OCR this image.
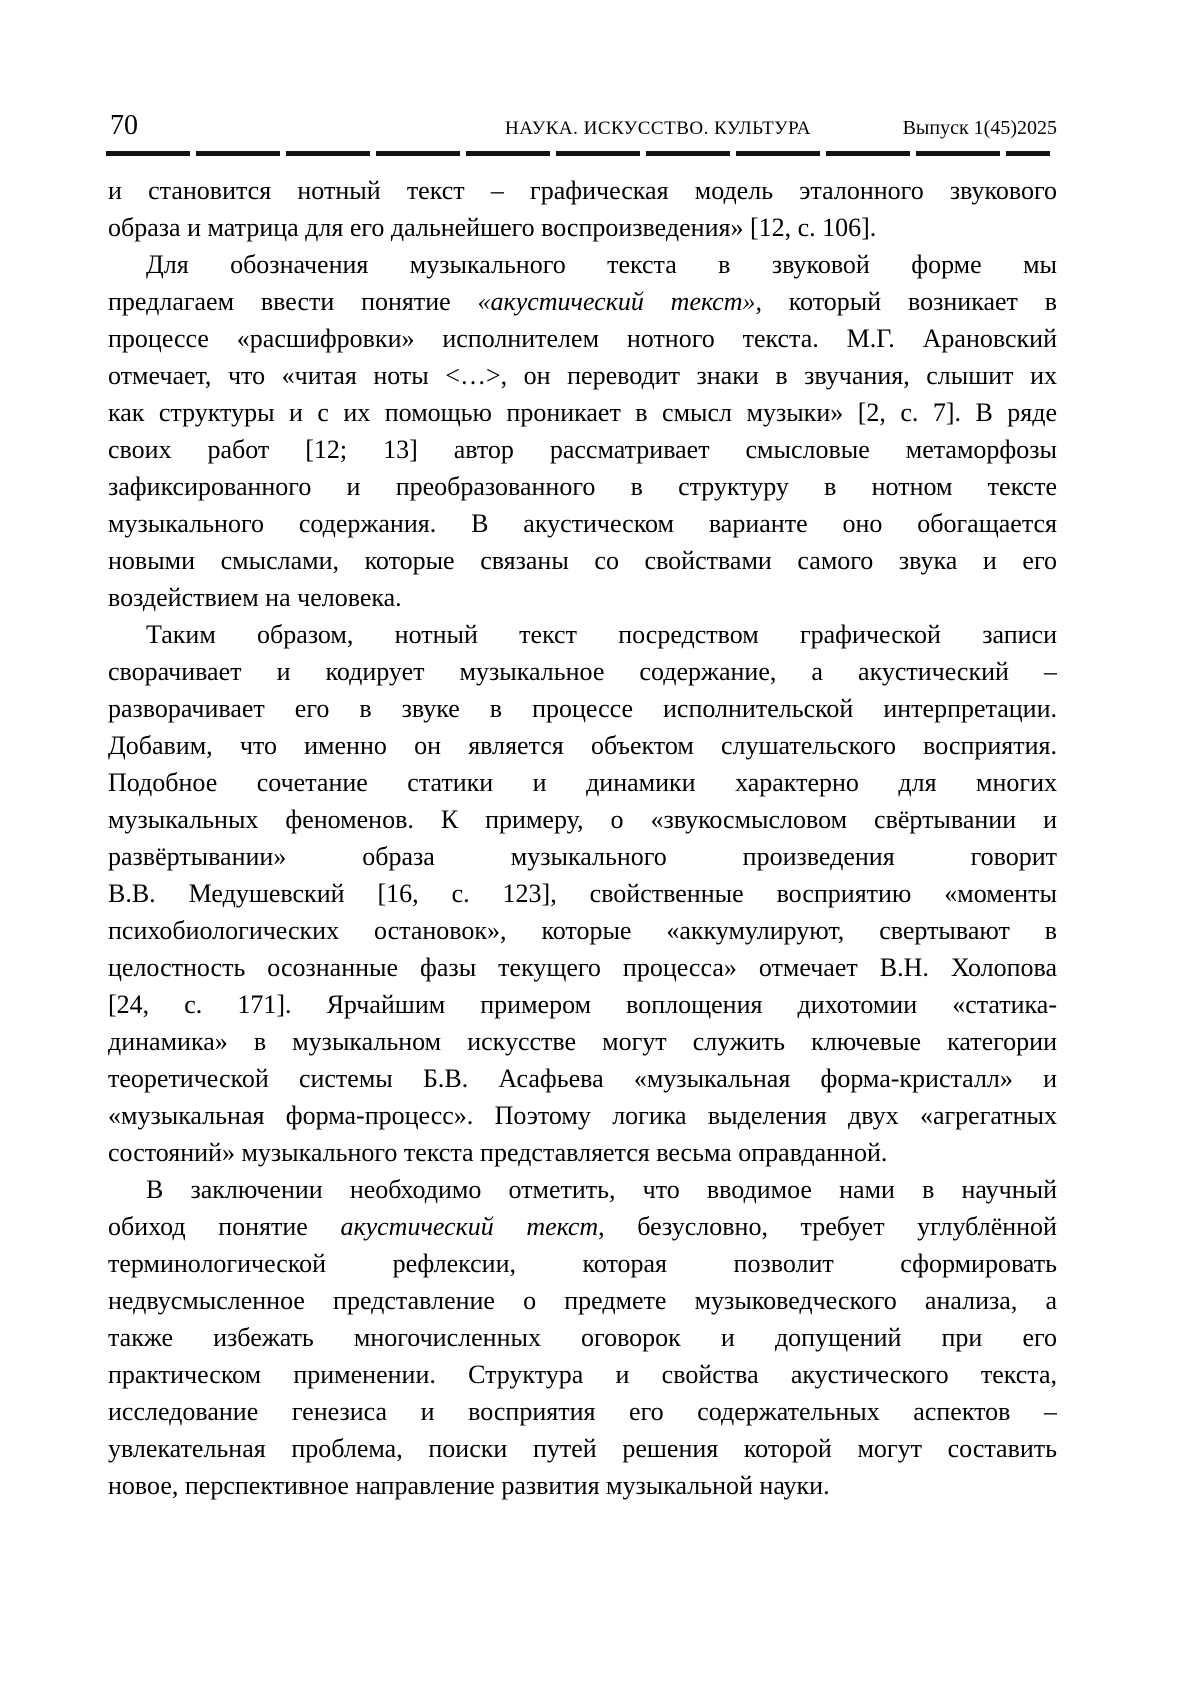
70	НАУКА. ИСКУССТВО. КУЛЬТУРА	Выпуск 1(45)2025
и становится нотный текст – графическая модель эталонного звукового
образа и матрица для его дальнейшего воспроизведения» [12, с. 106].
Для обозначения музыкального текста в звуковой форме мы
предлагаем ввести понятие «акустический текст», который возникает в
процессе «расшифровки» исполнителем нотного текста. М.Г. Арановский
отмечает, что «читая ноты <…>, он переводит знаки в звучания, слышит их
как структуры и с их помощью проникает в смысл музыки» [2, с. 7]. В ряде
своих работ [12; 13] автор рассматривает смысловые метаморфозы
зафиксированного и преобразованного в структуру в нотном тексте
музыкального содержания. В акустическом варианте оно обогащается
новыми смыслами, которые связаны со свойствами самого звука и его
воздействием на человека.
Таким образом, нотный текст посредством графической записи
сворачивает и кодирует музыкальное содержание, а акустический –
разворачивает его в звуке в процессе исполнительской интерпретации.
Добавим, что именно он является объектом слушательского восприятия.
Подобное сочетание статики и динамики характерно для многих
музыкальных феноменов. К примеру, о «звукосмысловом свёртывании и
развёртывании» образа музыкального произведения говорит
В.В. Медушевский [16, с. 123], свойственные восприятию «моменты
психобиологических остановок», которые «аккумулируют, свертывают в
целостность осознанные фазы текущего процесса» отмечает В.Н. Холопова
[24, с. 171]. Ярчайшим примером воплощения дихотомии «статика-
динамика» в музыкальном искусстве могут служить ключевые категории
теоретической системы Б.В. Асафьева «музыкальная форма-кристалл» и
«музыкальная форма-процесс». Поэтому логика выделения двух «агрегатных
состояний» музыкального текста представляется весьма оправданной.
В заключении необходимо отметить, что вводимое нами в научный
обиход понятие акустический текст, безусловно, требует углублённой
терминологической рефлексии, которая позволит сформировать
недвусмысленное представление о предмете музыковедческого анализа, а
также избежать многочисленных оговорок и допущений при его
практическом применении. Структура и свойства акустического текста,
исследование генезиса и восприятия его содержательных аспектов –
увлекательная проблема, поиски путей решения которой могут составить
новое, перспективное направление развития музыкальной науки.
